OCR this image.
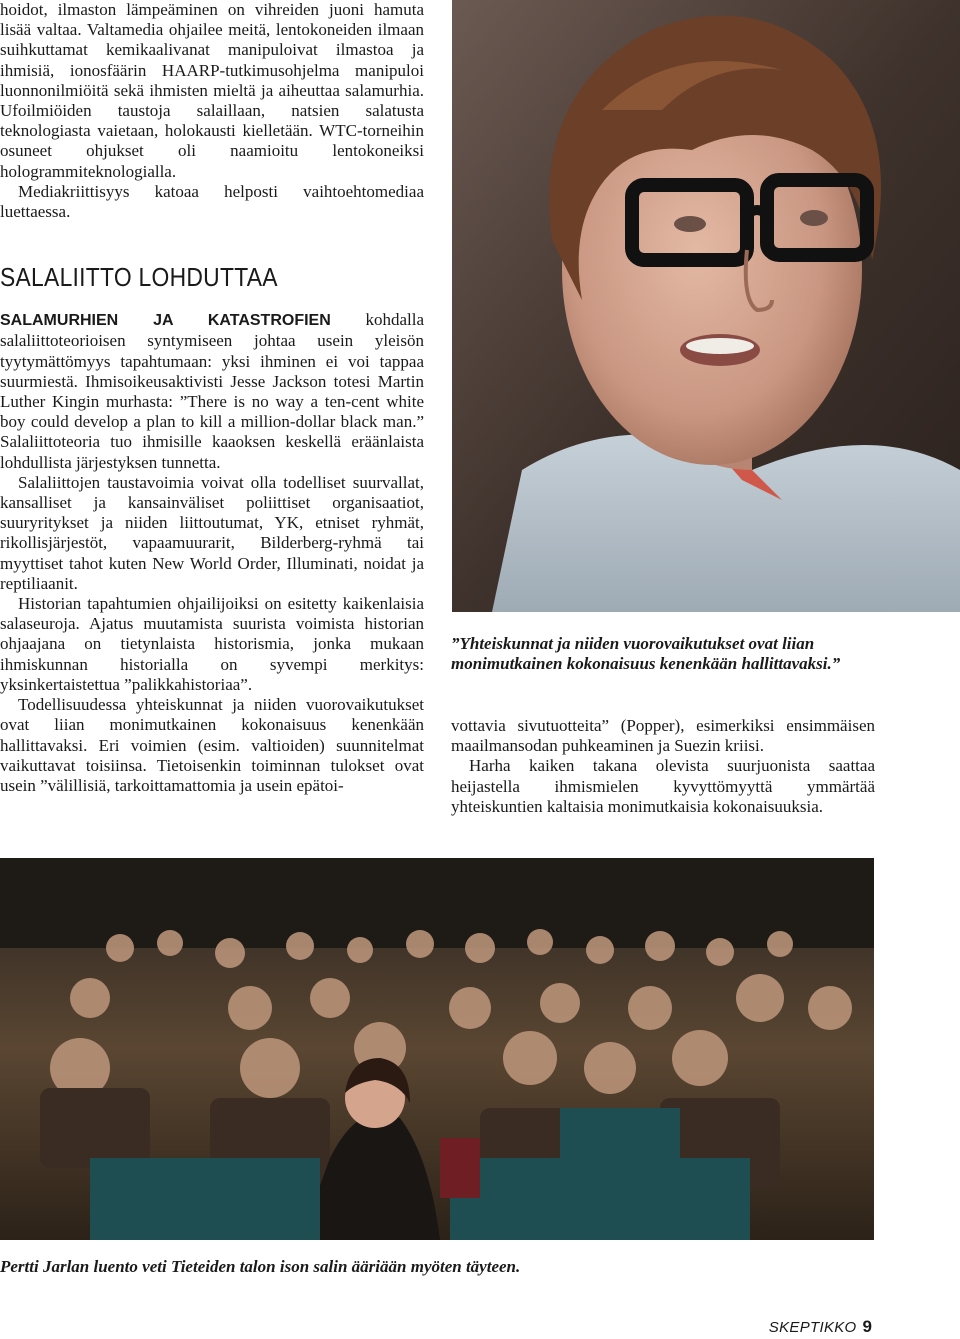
hoidot, ilmaston lämpeäminen on vihreiden juoni hamuta lisää valtaa. Valtamedia ohjailee meitä, lentokoneiden ilmaan suihkuttamat kemikaalivanat manipuloivat ilmastoa ja ihmisiä, ionosfäärin HAARP-tutkimusohjelma manipuloi luonnonilmiöitä sekä ihmisten mieltä ja aiheuttaa salamurhia. Ufoilmiöiden taustoja salaillaan, natsien salatusta teknologiasta vaietaan, holokausti kielletään. WTC-torneihin osuneet ohjukset oli naamioitu lentokoneiksi hologrammiteknologialla.

Mediakriittisyys katoaa helposti vaihtoehtomediaa luettaessa.

SALALIITTO LOHDUTTAA

SALAMURHIEN JA KATASTROFIEN kohdalla salaliittoteorioisen syntymiseen johtaa usein yleisön tyytymättömyys tapahtumaan: yksi ihminen ei voi tappaa suurmiestä. Ihmisoikeusaktivisti Jesse Jackson totesi Martin Luther Kingin murhasta: ”There is no way a ten-cent white boy could develop a plan to kill a million-dollar black man.” Salaliittoteoria tuo ihmisille kaaoksen keskellä eräänlaista lohdullista järjestyksen tunnetta.

Salaliittojen taustavoimia voivat olla todelliset suurvallat, kansalliset ja kansainväliset poliittiset organisaatiot, suuryritykset ja niiden liittoutumat, YK, etniset ryhmät, rikollisjärjestöt, vapaamuurarit, Bilderberg-ryhmä tai myyttiset tahot kuten New World Order, Illuminati, noidat ja reptiliaanit.

Historian tapahtumien ohjailijoiksi on esitetty kaikenlaisia salaseuroja. Ajatus muutamista suurista voimista historian ohjaajana on tietynlaista historismia, jonka mukaan ihmiskunnan historialla on syvempi merkitys: yksinkertaistettua ”palikkahistoriaa”.

Todellisuudessa yhteiskunnat ja niiden vuorovaikutukset ovat liian monimutkainen kokonaisuus kenenkään hallittavaksi. Eri voimien (esim. valtioiden) suunnitelmat vaikuttavat toisiinsa. Tietoisenkin toiminnan tulokset ovat usein ”välillisiä, tarkoittamattomia ja usein epätoi-

”Yhteiskunnat ja niiden vuorovaikutukset ovat liian monimutkainen kokonaisuus kenenkään hallittavaksi.”

vottavia sivutuotteita” (Popper), esimerkiksi ensimmäisen maailmansodan puhkeaminen ja Suezin kriisi.

Harha kaiken takana olevista suurjuonista saattaa heijastella ihmismielen kyvyttömyyttä ymmärtää yhteiskuntien kaltaisia monimutkaisia kokonaisuuksia.

Pertti Jarlan luento veti Tieteiden talon ison salin ääriään myöten täyteen.
SKEPTIKKO 9
